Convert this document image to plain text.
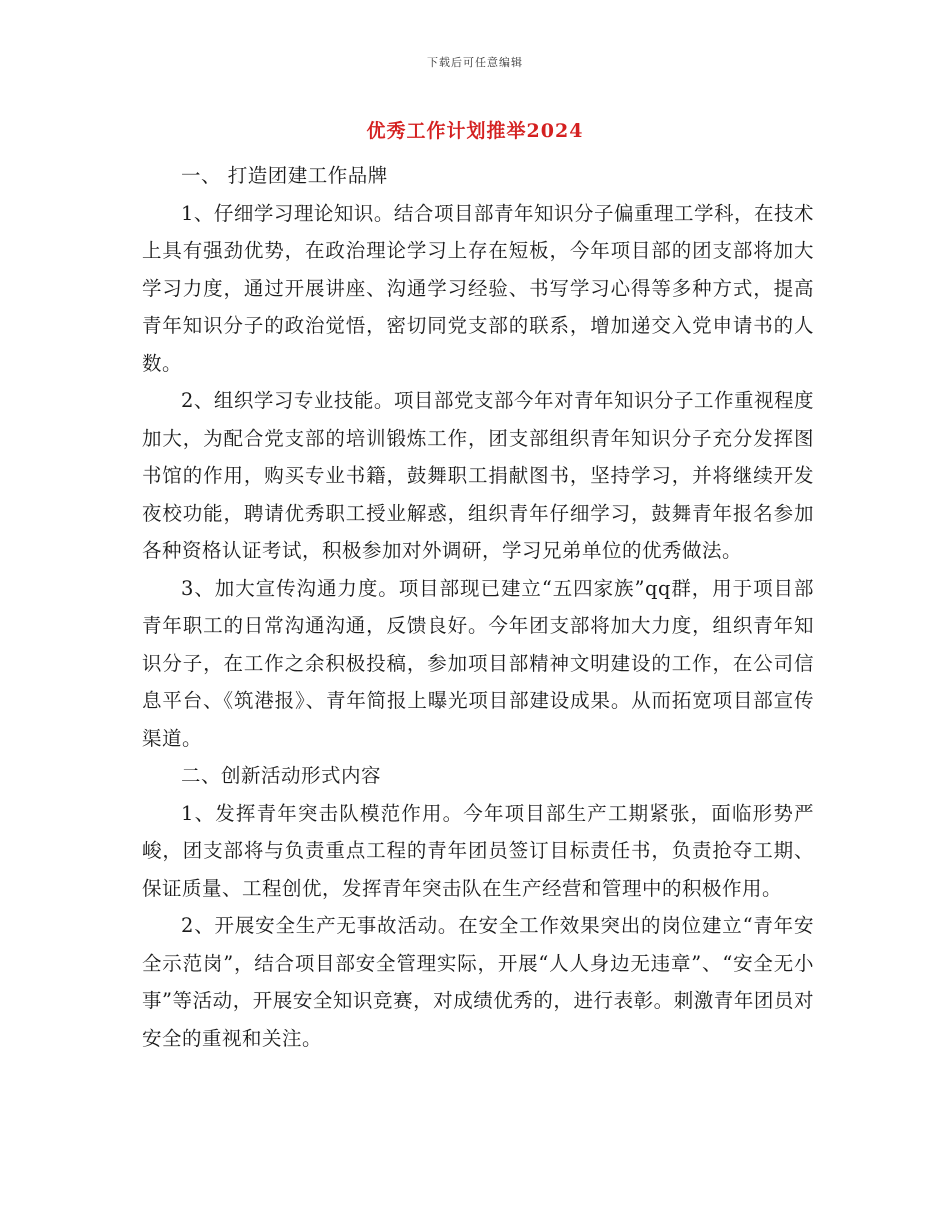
下载后可任意编辑
优秀工作计划推举2024

一、 打造团建工作品牌

1、仔细学习理论知识。结合项目部青年知识分子偏重理工学科，在技术上具有强劲优势，在政治理论学习上存在短板，今年项目部的团支部将加大学习力度，通过开展讲座、沟通学习经验、书写学习心得等多种方式，提高青年知识分子的政治觉悟，密切同党支部的联系，增加递交入党申请书的人数。

2、组织学习专业技能。项目部党支部今年对青年知识分子工作重视程度加大，为配合党支部的培训锻炼工作，团支部组织青年知识分子充分发挥图书馆的作用，购买专业书籍，鼓舞职工捐献图书，坚持学习，并将继续开发夜校功能，聘请优秀职工授业解惑，组织青年仔细学习，鼓舞青年报名参加各种资格认证考试，积极参加对外调研，学习兄弟单位的优秀做法。

3、加大宣传沟通力度。项目部现已建立“五四家族”qq群，用于项目部青年职工的日常沟通沟通，反馈良好。今年团支部将加大力度，组织青年知识分子，在工作之余积极投稿，参加项目部精神文明建设的工作，在公司信息平台、《筑港报》、青年简报上曝光项目部建设成果。从而拓宽项目部宣传渠道。

二、创新活动形式内容

1、发挥青年突击队模范作用。今年项目部生产工期紧张，面临形势严峻，团支部将与负责重点工程的青年团员签订目标责任书，负责抢夺工期、保证质量、工程创优，发挥青年突击队在生产经营和管理中的积极作用。

2、开展安全生产无事故活动。在安全工作效果突出的岗位建立“青年安全示范岗”，结合项目部安全管理实际，开展“人人身边无违章”、“安全无小事”等活动，开展安全知识竞赛，对成绩优秀的，进行表彰。刺激青年团员对安全的重视和关注。
